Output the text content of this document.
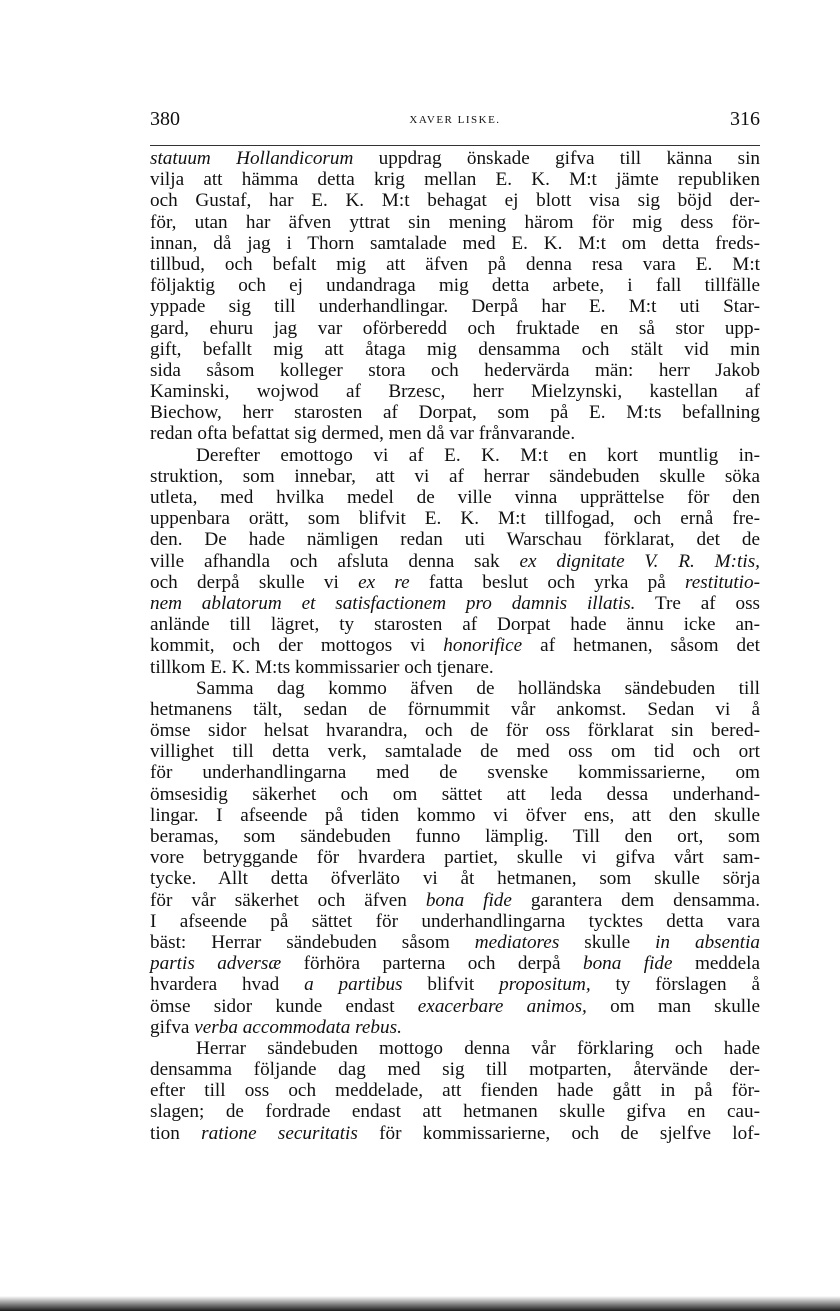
380	XAVER LISKE.	316
statuum Hollandicorum uppdrag önskade gifva till känna sin
vilja att hämma detta krig mellan E. K. M:t jämte republiken
och Gustaf, har E. K. M:t behagat ej blott visa sig böjd der-
för, utan har äfven yttrat sin mening härom för mig dess för-
innan, då jag i Thorn samtalade med E. K. M:t om detta freds-
tillbud, och befalt mig att äfven på denna resa vara E. M:t
följaktig och ej undandraga mig detta arbete, i fall tillfälle
yppade sig till underhandlingar. Derpå har E. M:t uti Star-
gard, ehuru jag var oförberedd och fruktade en så stor upp-
gift, befallt mig att åtaga mig densamma och stält vid min
sida såsom kolleger stora och hedervärda män: herr Jakob
Kaminski, wojwod af Brzesc, herr Mielzynski, kastellan af
Biechow, herr starosten af Dorpat, som på E. M:ts befallning
redan ofta befattat sig dermed, men då var frånvarande.
Derefter emottogo vi af E. K. M:t en kort muntlig in-
struktion, som innebar, att vi af herrar sändebuden skulle söka
utleta, med hvilka medel de ville vinna upprättelse för den
uppenbara orätt, som blifvit E. K. M:t tillfogad, och ernå fre-
den. De hade nämligen redan uti Warschau förklarat, det de
ville afhandla och afsluta denna sak ex dignitate V. R. M:tis,
och derpå skulle vi ex re fatta beslut och yrka på restitutio-
nem ablatorum et satisfactionem pro damnis illatis. Tre af oss
anlände till lägret, ty starosten af Dorpat hade ännu icke an-
kommit, och der mottogos vi honorifice af hetmanen, såsom det
tillkom E. K. M:ts kommissarier och tjenare.
Samma dag kommo äfven de holländska sändebuden till
hetmanens tält, sedan de förnummit vår ankomst. Sedan vi å
ömse sidor helsat hvarandra, och de för oss förklarat sin bered-
villighet till detta verk, samtalade de med oss om tid och ort
för underhandlingarna med de svenske kommissarierne, om
ömsesidig säkerhet och om sättet att leda dessa underhand-
lingar. I afseende på tiden kommo vi öfver ens, att den skulle
beramas, som sändebuden funno lämplig. Till den ort, som
vore betryggande för hvardera partiet, skulle vi gifva vårt sam-
tycke. Allt detta öfverläto vi åt hetmanen, som skulle sörja
för vår säkerhet och äfven bona fide garantera dem densamma.
I afseende på sättet för underhandlingarna tycktes detta vara
bäst: Herrar sändebuden såsom mediatores skulle in absentia
partis adversæ förhöra parterna och derpå bona fide meddela
hvardera hvad a partibus blifvit propositum, ty förslagen å
ömse sidor kunde endast exacerbare animos, om man skulle
gifva verba accommodata rebus.
Herrar sändebuden mottogo denna vår förklaring och hade
densamma följande dag med sig till motparten, återvände der-
efter till oss och meddelade, att fienden hade gått in på för-
slagen; de fordrade endast att hetmanen skulle gifva en cau-
tion ratione securitatis för kommissarierne, och de sjelfve lof-
